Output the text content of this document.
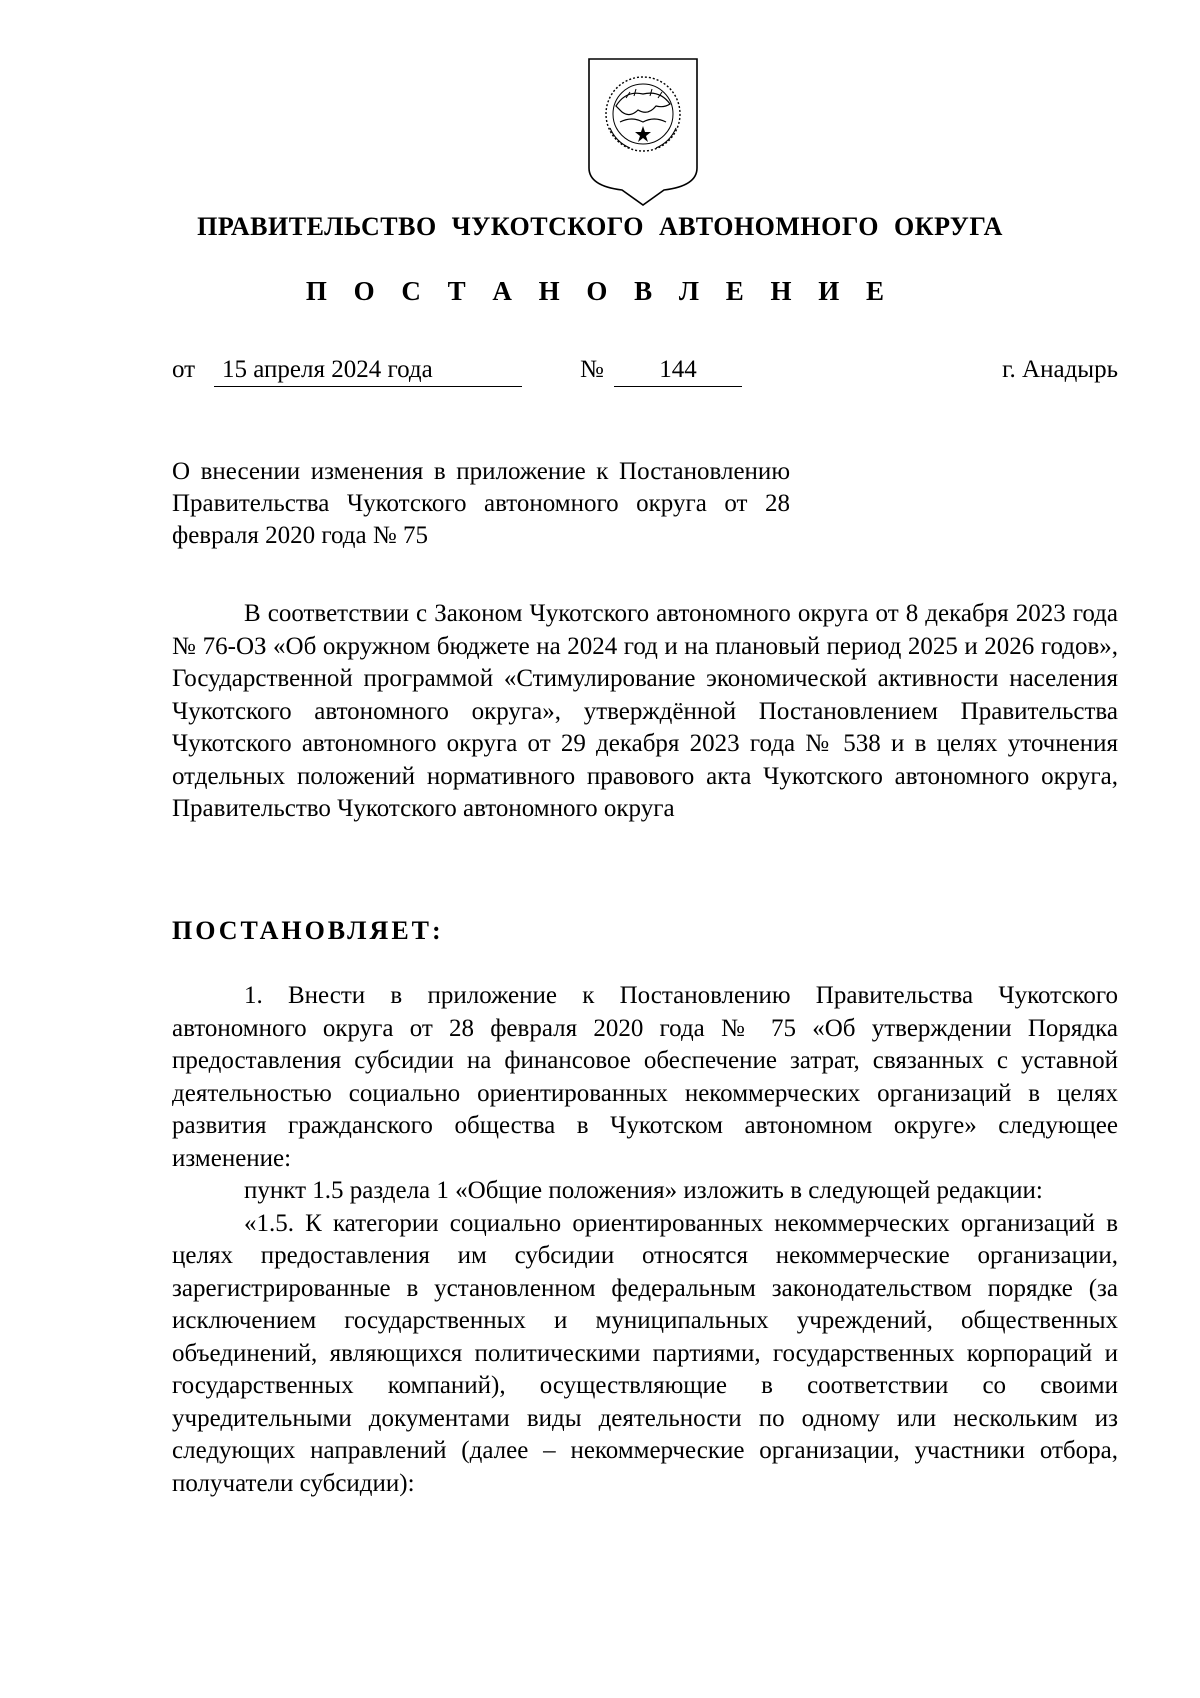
ПРАВИТЕЛЬСТВО ЧУКОТСКОГО АВТОНОМНОГО ОКРУГА
П О С Т А Н О В Л Е Н И Е
от	15 апреля 2024 года	№	144	г. Анадырь
О внесении изменения в приложение к Постановлению Правительства Чукотского автономного округа от 28 февраля 2020 года № 75

В соответствии с Законом Чукотского автономного округа от 8 декабря 2023 года № 76-ОЗ «Об окружном бюджете на 2024 год и на плановый период 2025 и 2026 годов», Государственной программой «Стимулирование экономической активности населения Чукотского автономного округа», утверждённой Постановлением Правительства Чукотского автономного округа от 29 декабря 2023 года № 538 и в целях уточнения отдельных положений нормативного правового акта Чукотского автономного округа, Правительство Чукотского автономного округа

ПОСТАНОВЛЯЕТ:

1. Внести в приложение к Постановлению Правительства Чукотского автономного округа от 28 февраля 2020 года № 75 «Об утверждении Порядка предоставления субсидии на финансовое обеспечение затрат, связанных с уставной деятельностью социально ориентированных некоммерческих организаций в целях развития гражданского общества в Чукотском автономном округе» следующее изменение:

пункт 1.5 раздела 1 «Общие положения» изложить в следующей редакции:

«1.5. К категории социально ориентированных некоммерческих организаций в целях предоставления им субсидии относятся некоммерческие организации, зарегистрированные в установленном федеральным законодательством порядке (за исключением государственных и муниципальных учреждений, общественных объединений, являющихся политическими партиями, государственных корпораций и государственных компаний), осуществляющие в соответствии со своими учредительными документами виды деятельности по одному или нескольким из следующих направлений (далее – некоммерческие организации, участники отбора, получатели субсидии):
